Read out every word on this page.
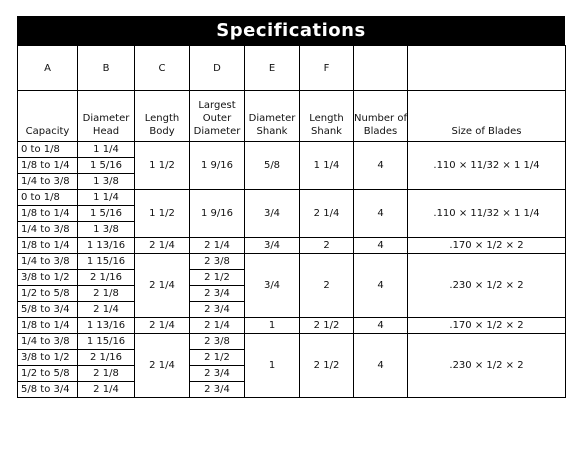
Specifications
A	B	C	D	E	F		
Capacity	Diameter Head	Length Body	Largest Outer Diameter	Diameter Shank	Length Shank	Number of Blades	Size of Blades
0 to 1/8	1 1/4	1 1/2	1 9/16	5/8	1 1/4	4	.110 × 11/32 × 1 1/4
1/8 to 1/4	1 5/16						
1/4 to 3/8	1 3/8						
0 to 1/8	1 1/4	1 1/2	1 9/16	3/4	2 1/4	4	.110 × 11/32 × 1 1/4
1/8 to 1/4	1 5/16						
1/4 to 3/8	1 3/8						
1/8 to 1/4	1 13/16	2 1/4	2 1/4	3/4	2	4	.170 × 1/2 × 2
1/4 to 3/8	1 15/16	2 1/4	2 3/8	3/4	2	4	.230 × 1/2 × 2
3/8 to 1/2	2 1/16		2 1/2				
1/2 to 5/8	2 1/8		2 3/4				
5/8 to 3/4	2 1/4		2 3/4				
1/8 to 1/4	1 13/16	2 1/4	2 1/4	1	2 1/2	4	.170 × 1/2 × 2
1/4 to 3/8	1 15/16	2 1/4	2 3/8	1	2 1/2	4	.230 × 1/2 × 2
3/8 to 1/2	2 1/16		2 1/2				
1/2 to 5/8	2 1/8		2 3/4				
5/8 to 3/4	2 1/4		2 3/4				
